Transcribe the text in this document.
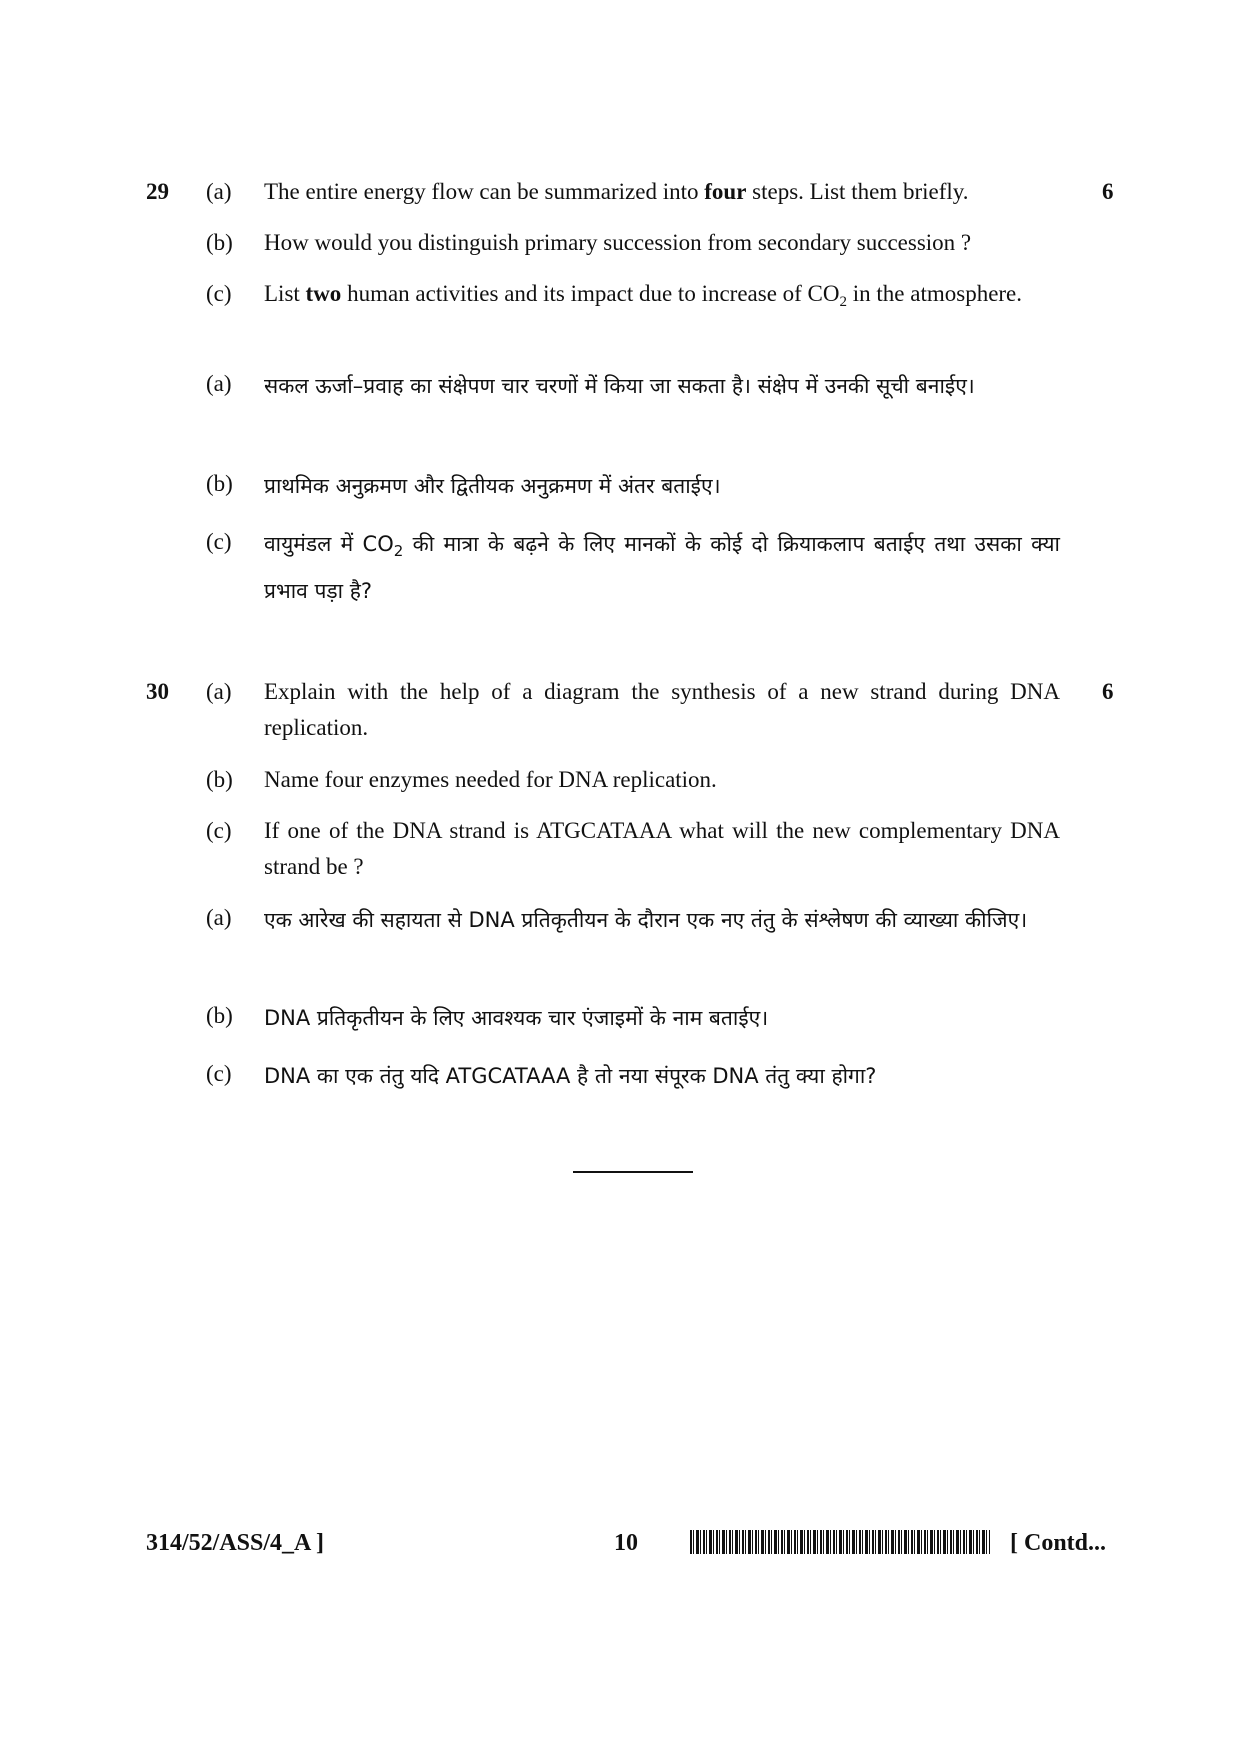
29 (a) The entire energy flow can be summarized into four steps. List them briefly.	6
(b) How would you distinguish primary succession from secondary succession ?
(c) List two human activities and its impact due to increase of $CO_2$ in the atmosphere.
(a) सकल ऊर्जा–प्रवाह का संक्षेपण चार चरणों में किया जा सकता है। संक्षेप में उनकी सूची बनाईए।
(b) प्राथमिक अनुक्रमण और द्वितीयक अनुक्रमण में अंतर बताईए।
(c) वायुमंडल में $CO_2$ की मात्रा के बढ़ने के लिए मानकों के कोई दो क्रियाकलाप बताईए तथा उसका क्या प्रभाव पड़ा है?
30 (a) Explain with the help of a diagram the synthesis of a new strand during DNA replication.
6
(b) Name four enzymes needed for DNA replication.
(c) If one of the DNA strand is ATGCATAAA what will the new complementary DNA strand be ?
(a) एक आरेख की सहायता से DNA प्रतिकृतीयन के दौरान एक नए तंतु के संश्लेषण की व्याख्या कीजिए।
(b) DNA प्रतिकृतीयन के लिए आवश्यक चार एंजाइमों के नाम बताईए।
(c) DNA का एक तंतु यदि ATGCATAAA है तो नया संपूरक DNA तंतु क्या होगा?
314/52/ASS/4_A ]	10	[ Contd...
